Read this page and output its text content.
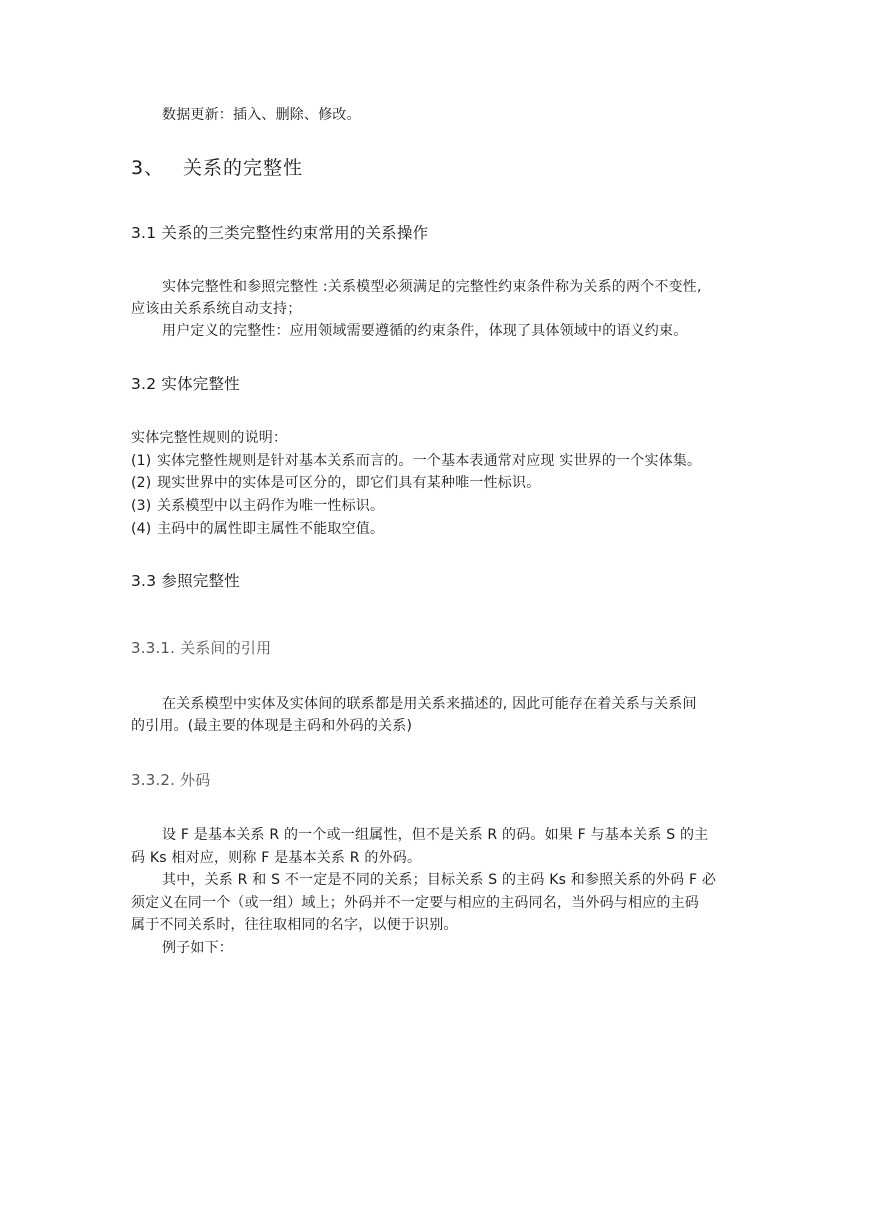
数据更新：插入、删除、修改。
3、 关系的完整性
3.1 关系的三类完整性约束常用的关系操作
实体完整性和参照完整性 :关系模型必须满足的完整性约束条件称为关系的两个不变性,
应该由关系系统自动支持；
用户定义的完整性：应用领域需要遵循的约束条件，体现了具体领域中的语义约束。
3.2 实体完整性
实体完整性规则的说明：
(1) 实体完整性规则是针对基本关系而言的。一个基本表通常对应现 实世界的一个实体集。
(2) 现实世界中的实体是可区分的，即它们具有某种唯一性标识。
(3) 关系模型中以主码作为唯一性标识。
(4) 主码中的属性即主属性不能取空值。
3.3 参照完整性
3.3.1. 关系间的引用
在关系模型中实体及实体间的联系都是用关系来描述的, 因此可能存在着关系与关系间
的引用。(最主要的体现是主码和外码的关系)
3.3.2. 外码
设 F 是基本关系 R 的一个或一组属性，但不是关系 R 的码。如果 F 与基本关系 S 的主
码 Ks 相对应，则称 F 是基本关系 R 的外码。
其中，关系 R 和 S 不一定是不同的关系；目标关系 S 的主码 Ks 和参照关系的外码 F 必
须定义在同一个（或一组）域上；外码并不一定要与相应的主码同名，当外码与相应的主码
属于不同关系时，往往取相同的名字，以便于识别。
例子如下：
